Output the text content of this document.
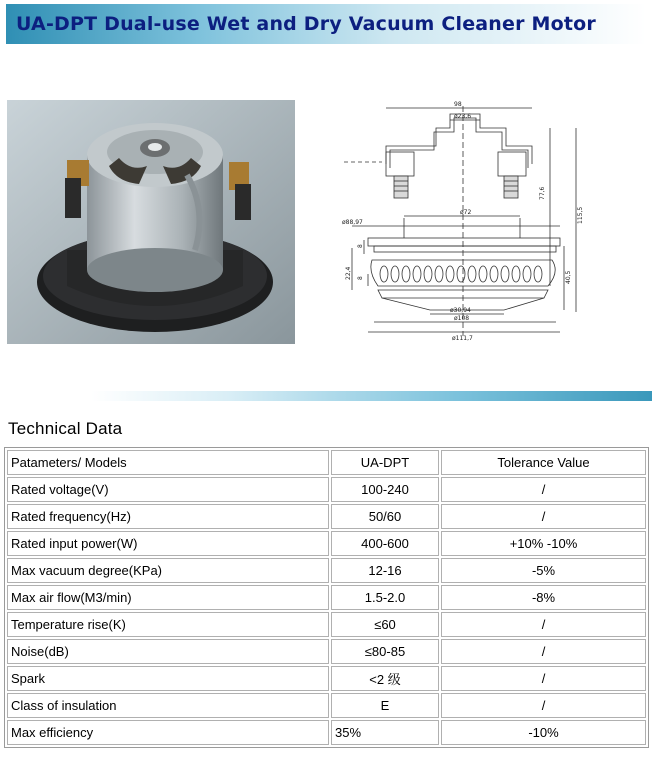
UA-DPT Dual-use Wet and Dry Vacuum Cleaner Motor
98
ø23,6
77,6
115,5
ø72
ø88,97
8
8
22,4	40,5
ø30,94
ø108
ø111,7
Technical Data
Patameters/ Models	UA-DPT	Tolerance Value
Rated voltage(V)	100-240	/
Rated frequency(Hz)	50/60	/
Rated input power(W)	400-600	+10% -10%
Max vacuum degree(KPa)	12-16	-5%
Max air flow(M3/min)	1.5-2.0	-8%
Temperature rise(K)	≤60	/
Noise(dB)	≤80-85	/
Spark	<2 级	/
Class of insulation	E	/
Max efficiency	35%	-10%
